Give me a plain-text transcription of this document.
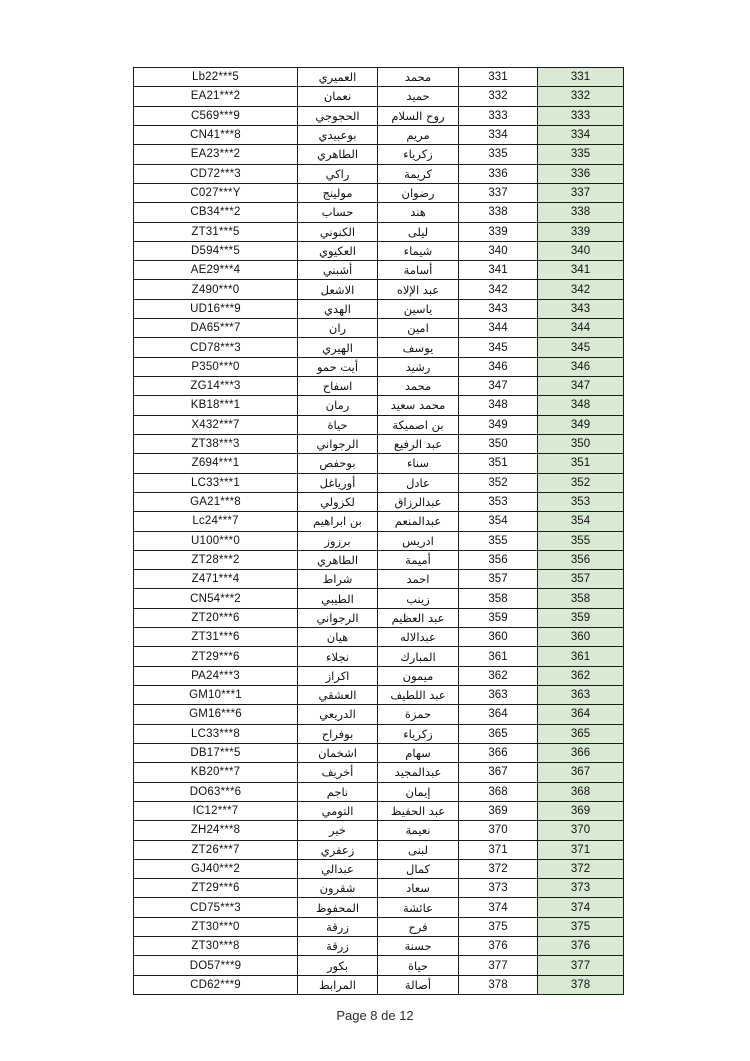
Lb22***5	العميري	محمد	331	331
EA21***2	نعمان	حميد	332	332
C569***9	الحجوجي	روح السلام	333	333
CN41***8	بوعبيدي	مريم	334	334
EA23***2	الطاهري	زكرياء	335	335
CD72***3	راكي	كريمة	336	336
C027***Y	مولينج	رضوان	337	337
CB34***2	حساب	هند	338	338
ZT31***5	الكنوني	ليلى	339	339
D594***5	العكيوي	شيماء	340	340
AE29***4	أشبني	أسامة	341	341
Z490***0	الاشعل	عبد الإلاه	342	342
UD16***9	الهدي	ياسين	343	343
DA65***7	ران	امين	344	344
CD78***3	الهيري	يوسف	345	345
P350***0	أيت حمو	رشيد	346	346
ZG14***3	اسفاح	محمد	347	347
KB18***1	رمان	محمد سعيد	348	348
X432***7	حياة	بن اصميكة	349	349
ZT38***3	الرجواني	عبد الرفيع	350	350
Z694***1	بوحفص	سناء	351	351
LC33***1	أورياغل	عادل	352	352
GA21***8	لكزولي	عبدالرزاق	353	353
Lc24***7	بن ابراهيم	عبدالمنعم	354	354
U100***0	برزوز	ادريس	355	355
ZT28***2	الطاهري	أميمة	356	356
Z471***4	شراط	احمد	357	357
CN54***2	الطيبي	زينب	358	358
ZT20***6	الرجواني	عبد العظيم	359	359
ZT31***6	هيان	عبدالاله	360	360
ZT29***6	نجلاء	المبارك	361	361
PA24***3	اكراز	ميمون	362	362
GM10***1	العشقي	عبد اللطيف	363	363
GM16***6	الدريعي	حمزة	364	364
LC33***8	بوفراح	زكرياء	365	365
DB17***5	اشخمان	سهام	366	366
KB20***7	أخريف	عبدالمجيد	367	367
DO63***6	ناجم	إيمان	368	368
IC12***7	التومي	عبد الحفيظ	369	369
ZH24***8	خير	نعيمة	370	370
ZT26***7	زعفري	لبنى	371	371
GJ40***2	عبدالي	كمال	372	372
ZT29***6	شقرون	سعاد	373	373
CD75***3	المحفوظ	عائشة	374	374
ZT30***0	زرقة	فرح	375	375
ZT30***8	زرقة	حسنة	376	376
DO57***9	بكور	حياة	377	377
CD62***9	المرابط	أصالة	378	378
Page 8 de 12
